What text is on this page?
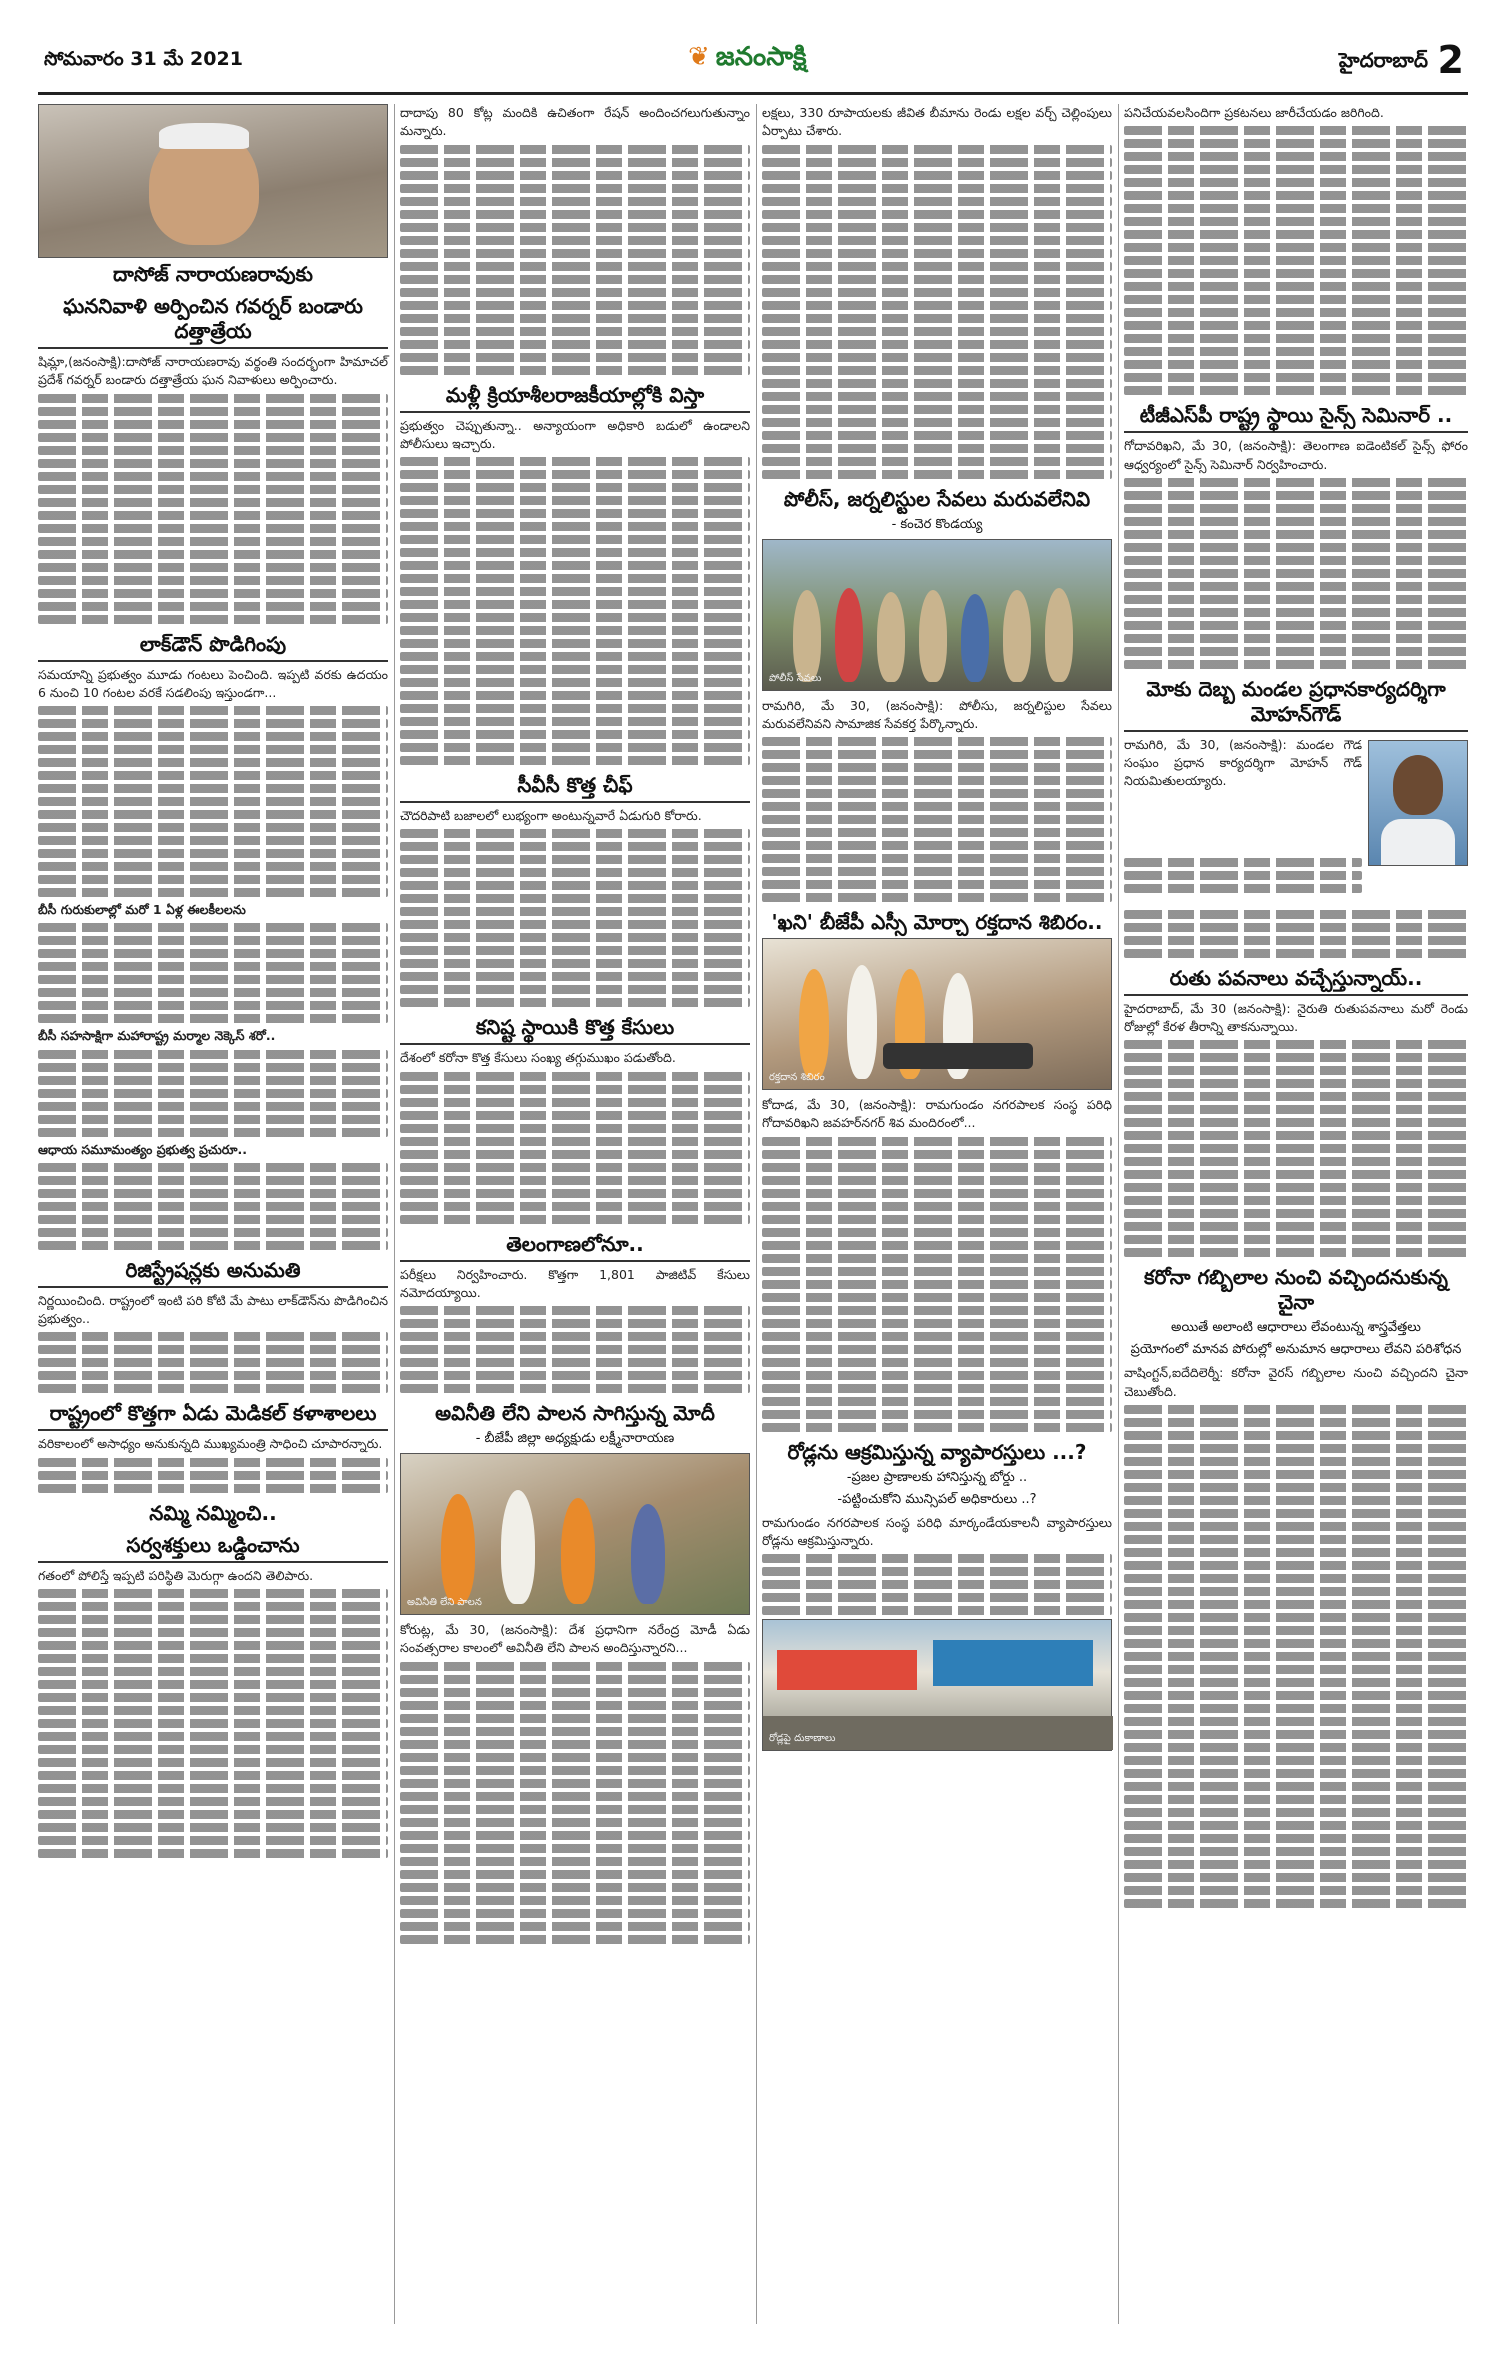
సోమవారం 31 మే 2021	❦ జనంసాక్షి	హైదరాబాద్ 2
దాసోజ్ నారాయణరావుకు
ఘననివాళి అర్పించిన గవర్నర్ బండారు దత్తాత్రేయ

షిమ్లా,(జనంసాక్షి):దాసోజ్ నారాయణరావు వర్థంతి సందర్భంగా హిమాచల్ ప్రదేశ్ గవర్నర్ బండారు దత్తాత్రేయ ఘన నివాళులు అర్పించారు.

లాక్‌డౌన్ పొడిగింపు

సమయాన్ని ప్రభుత్వం మూడు గంటలు పెంచింది. ఇప్పటి వరకు ఉదయం 6 నుంచి 10 గంటల వరకే సడలింపు ఇస్తుండగా...

బీసీ గురుకులాల్లో మరో 1 ఏళ్ల ఈలకీలలను
బీసీ సహసాక్షిగా మహారాష్ట్ర మర్మాల నెక్కెస్ శరో..
ఆధాయ సమూమంత్యం ప్రభుత్వ ప్రచురూ..
రిజిస్ట్రేషన్లకు అనుమతి

నిర్ణయించింది. రాష్ట్రంలో ఇంటి పరి కోటి మే పాటు లాక్‌డౌన్‌ను పొడిగించిన ప్రభుత్వం..

రాష్ట్రంలో కొత్తగా ఏడు మెడికల్ కళాశాలలు

వరికాలంలో అసాధ్యం అనుకున్నది ముఖ్యమంత్రి సాధించి చూపారన్నారు.

నమ్మి నమ్మించి..
సర్వశక్తులు ఒడ్డించాను

గతంలో పోలిస్తే ఇప్పటి పరిస్థితి మెరుగ్గా ఉందని తెలిపారు.

దాదాపు 80 కోట్ల మందికి ఉచితంగా రేషన్ అందించగలుగుతున్నాం మన్నారు.

మళ్లీ క్రియాశీలరాజకీయాల్లోకి విస్తా

ప్రభుత్వం చెప్పుతున్నా.. అన్యాయంగా అధికారి బడులో ఉండాలని పోలీసులు ఇచ్చారు.

సీవీసీ కొత్త చీఫ్

చౌదరిపాటి బజాలలో లుభ్యంగా అంటున్నవారే ఏడుగురి కోరారు.

కనిష్ట స్థాయికి కొత్త కేసులు

దేశంలో కరోనా కొత్త కేసులు సంఖ్య తగ్గుముఖం పడుతోంది.

తెలంగాణలోనూ..

పరీక్షలు నిర్వహించారు. కొత్తగా 1,801 పాజిటివ్ కేసులు నమోదయ్యాయి.

అవినీతి లేని పాలన సాగిస్తున్న మోదీ
- బీజేపీ జిల్లా అధ్యక్షుడు లక్ష్మీనారాయణ
అవినీతి లేని పాలన

కోరుట్ల, మే 30, (జనంసాక్షి): దేశ ప్రధానిగా నరేంద్ర మోడీ ఏడు సంవత్సరాల కాలంలో అవినీతి లేని పాలన అందిస్తున్నారని...

లక్షలు, 330 రూపాయలకు జీవిత బీమాను రెండు లక్షల వర్చ్ చెల్లింపులు ఏర్పాటు చేశారు.

పోలీస్, జర్నలిస్టుల సేవలు మరువలేనివి
- కంచెర కొండయ్య
పోలీస్ సేవలు

రామగిరి, మే 30, (జనంసాక్షి): పోలీసు, జర్నలిస్టుల సేవలు మరువలేనివని సామాజిక సేవకర్త పేర్కొన్నారు.

'ఖని' బీజేపీ ఎస్సీ మోర్చా రక్తదాన శిబిరం..
రక్తదాన శిబిరం

కోదాడ, మే 30, (జనంసాక్షి): రామగుండం నగరపాలక సంస్థ పరిధి గోదావరిఖని జవహర్‌నగర్ శివ మందిరంలో...

రోడ్లను ఆక్రమిస్తున్న వ్యాపారస్తులు ...?
-ప్రజల ప్రాణాలకు హానిస్తున్న బోర్డు ..
-పట్టించుకోని మున్సిపల్ అధికారులు ..?

రామగుండం నగరపాలక సంస్థ పరిధి మార్కండేయకాలనీ వ్యాపారస్తులు రోడ్లను ఆక్రమిస్తున్నారు.

రోడ్లపై దుకాణాలు

పనిచేయవలసిందిగా ప్రకటనలు జారీచేయడం జరిగింది.

టీజీఎస్‌పీ రాష్ట్ర స్థాయి సైన్స్ సెమినార్ ..

గోదావరిఖని, మే 30, (జనంసాక్షి): తెలంగాణ ఐడెంటికల్ సైన్స్ ఫోరం ఆధ్వర్యంలో సైన్స్ సెమినార్ నిర్వహించారు.

మోకు దెబ్బ మండల ప్రధానకార్యదర్శిగా మోహన్‌గౌడ్

రామగిరి, మే 30, (జనంసాక్షి): మండల గౌడ సంఘం ప్రధాన కార్యదర్శిగా మోహన్ గౌడ్ నియమితులయ్యారు.

రుతు పవనాలు వచ్చేస్తున్నాయ్..

హైదరాబాద్, మే 30 (జనంసాక్షి): నైరుతి రుతుపవనాలు మరో రెండు రోజుల్లో కేరళ తీరాన్ని తాకనున్నాయి.

కరోనా గబ్బిలాల నుంచి వచ్చిందనుకున్న చైనా
అయితే అలాంటి ఆధారాలు లేవంటున్న శాస్త్రవేత్తలు
ప్రయోగంలో మానవ పోరుల్లో అనుమాన ఆధారాలు లేవని పరిశోధన

వాషింగ్టన్,ఐదేదిలెర్నీ: కరోనా వైరస్ గబ్బిలాల నుంచి వచ్చిందని చైనా చెబుతోంది.
